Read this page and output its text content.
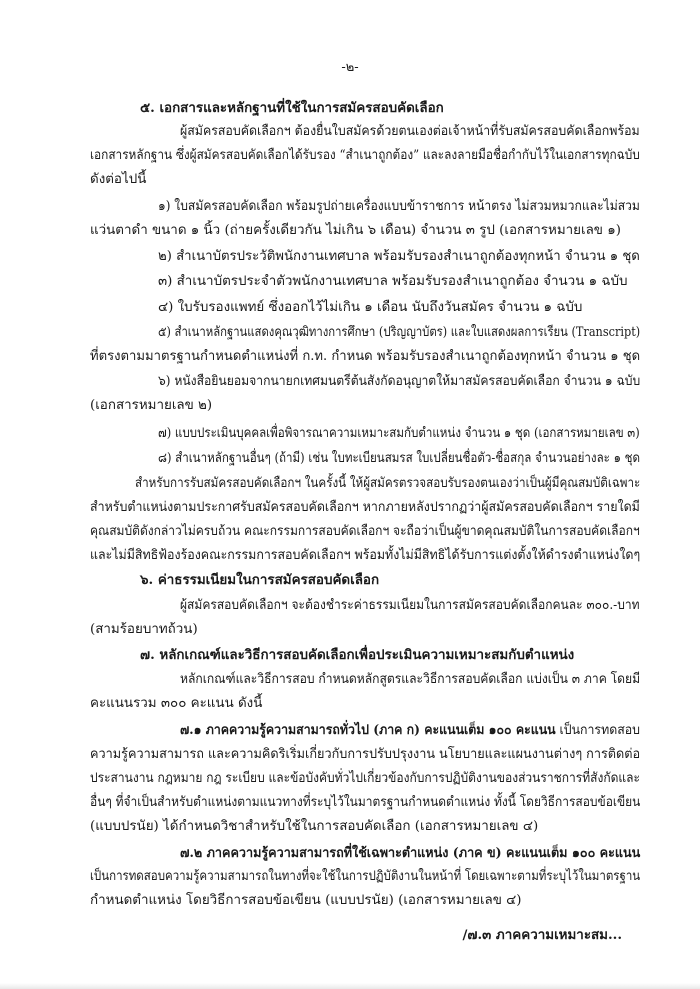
-๒-
๕. เอกสารและหลักฐานที่ใช้ในการสมัครสอบคัดเลือก
ผู้สมัครสอบคัดเลือกฯ ต้องยื่นใบสมัครด้วยตนเองต่อเจ้าหน้าที่รับสมัครสอบคัดเลือกพร้อม
เอกสารหลักฐาน ซึ่งผู้สมัครสอบคัดเลือกได้รับรอง “สำเนาถูกต้อง” และลงลายมือชื่อกำกับไว้ในเอกสารทุกฉบับ
ดังต่อไปนี้
๑) ใบสมัครสอบคัดเลือก พร้อมรูปถ่ายเครื่องแบบข้าราชการ หน้าตรง ไม่สวมหมวกและไม่สวม
แว่นตาดำ ขนาด ๑ นิ้ว (ถ่ายครั้งเดียวกัน ไม่เกิน ๖ เดือน) จำนวน ๓ รูป (เอกสารหมายเลข ๑)
๒) สำเนาบัตรประวัติพนักงานเทศบาล พร้อมรับรองสำเนาถูกต้องทุกหน้า จำนวน ๑ ชุด
๓) สำเนาบัตรประจำตัวพนักงานเทศบาล พร้อมรับรองสำเนาถูกต้อง จำนวน ๑ ฉบับ
๔) ใบรับรองแพทย์ ซึ่งออกไว้ไม่เกิน ๑ เดือน นับถึงวันสมัคร จำนวน ๑ ฉบับ
๕) สำเนาหลักฐานแสดงคุณวุฒิทางการศึกษา (ปริญญาบัตร) และใบแสดงผลการเรียน (Transcript)
ที่ตรงตามมาตรฐานกำหนดตำแหน่งที่ ก.ท. กำหนด พร้อมรับรองสำเนาถูกต้องทุกหน้า จำนวน ๑ ชุด
๖) หนังสือยินยอมจากนายกเทศมนตรีต้นสังกัดอนุญาตให้มาสมัครสอบคัดเลือก จำนวน ๑ ฉบับ
(เอกสารหมายเลข ๒)
๗) แบบประเมินบุคคลเพื่อพิจารณาความเหมาะสมกับตำแหน่ง จำนวน ๑ ชุด (เอกสารหมายเลข ๓)
๘) สำเนาหลักฐานอื่นๆ (ถ้ามี) เช่น ใบทะเบียนสมรส ใบเปลี่ยนชื่อตัว-ชื่อสกุล จำนวนอย่างละ ๑ ชุด
สำหรับการรับสมัครสอบคัดเลือกฯ ในครั้งนี้ ให้ผู้สมัครตรวจสอบรับรองตนเองว่าเป็นผู้มีคุณสมบัติเฉพาะ
สำหรับตำแหน่งตามประกาศรับสมัครสอบคัดเลือกฯ หากภายหลังปรากฏว่าผู้สมัครสอบคัดเลือกฯ รายใดมี
คุณสมบัติดังกล่าวไม่ครบถ้วน คณะกรรมการสอบคัดเลือกฯ จะถือว่าเป็นผู้ขาดคุณสมบัติในการสอบคัดเลือกฯ
และไม่มีสิทธิฟ้องร้องคณะกรรมการสอบคัดเลือกฯ พร้อมทั้งไม่มีสิทธิได้รับการแต่งตั้งให้ดำรงตำแหน่งใดๆ
๖. ค่าธรรมเนียมในการสมัครสอบคัดเลือก
ผู้สมัครสอบคัดเลือกฯ จะต้องชำระค่าธรรมเนียมในการสมัครสอบคัดเลือกคนละ ๓๐๐.-บาท
(สามร้อยบาทถ้วน)
๗. หลักเกณฑ์และวิธีการสอบคัดเลือกเพื่อประเมินความเหมาะสมกับตำแหน่ง
หลักเกณฑ์และวิธีการสอบ กำหนดหลักสูตรและวิธีการสอบคัดเลือก แบ่งเป็น ๓ ภาค โดยมี
คะแนนรวม ๓๐๐ คะแนน ดังนี้
๗.๑ ภาคความรู้ความสามารถทั่วไป (ภาค ก) คะแนนเต็ม ๑๐๐ คะแนน เป็นการทดสอบ
ความรู้ความสามารถ และความคิดริเริ่มเกี่ยวกับการปรับปรุงงาน นโยบายและแผนงานต่างๆ การติดต่อ
ประสานงาน กฎหมาย กฎ ระเบียบ และข้อบังคับทั่วไปเกี่ยวข้องกับการปฏิบัติงานของส่วนราชการที่สังกัดและ
อื่นๆ ที่จำเป็นสำหรับตำแหน่งตามแนวทางที่ระบุไว้ในมาตรฐานกำหนดตำแหน่ง ทั้งนี้ โดยวิธีการสอบข้อเขียน
(แบบปรนัย) ได้กำหนดวิชาสำหรับใช้ในการสอบคัดเลือก (เอกสารหมายเลข ๔)
๗.๒ ภาคความรู้ความสามารถที่ใช้เฉพาะตำแหน่ง (ภาค ข) คะแนนเต็ม ๑๐๐ คะแนน
เป็นการทดสอบความรู้ความสามารถในทางที่จะใช้ในการปฏิบัติงานในหน้าที่ โดยเฉพาะตามที่ระบุไว้ในมาตรฐาน
กำหนดตำแหน่ง โดยวิธีการสอบข้อเขียน (แบบปรนัย) (เอกสารหมายเลข ๔)
/๗.๓ ภาคความเหมาะสม...
